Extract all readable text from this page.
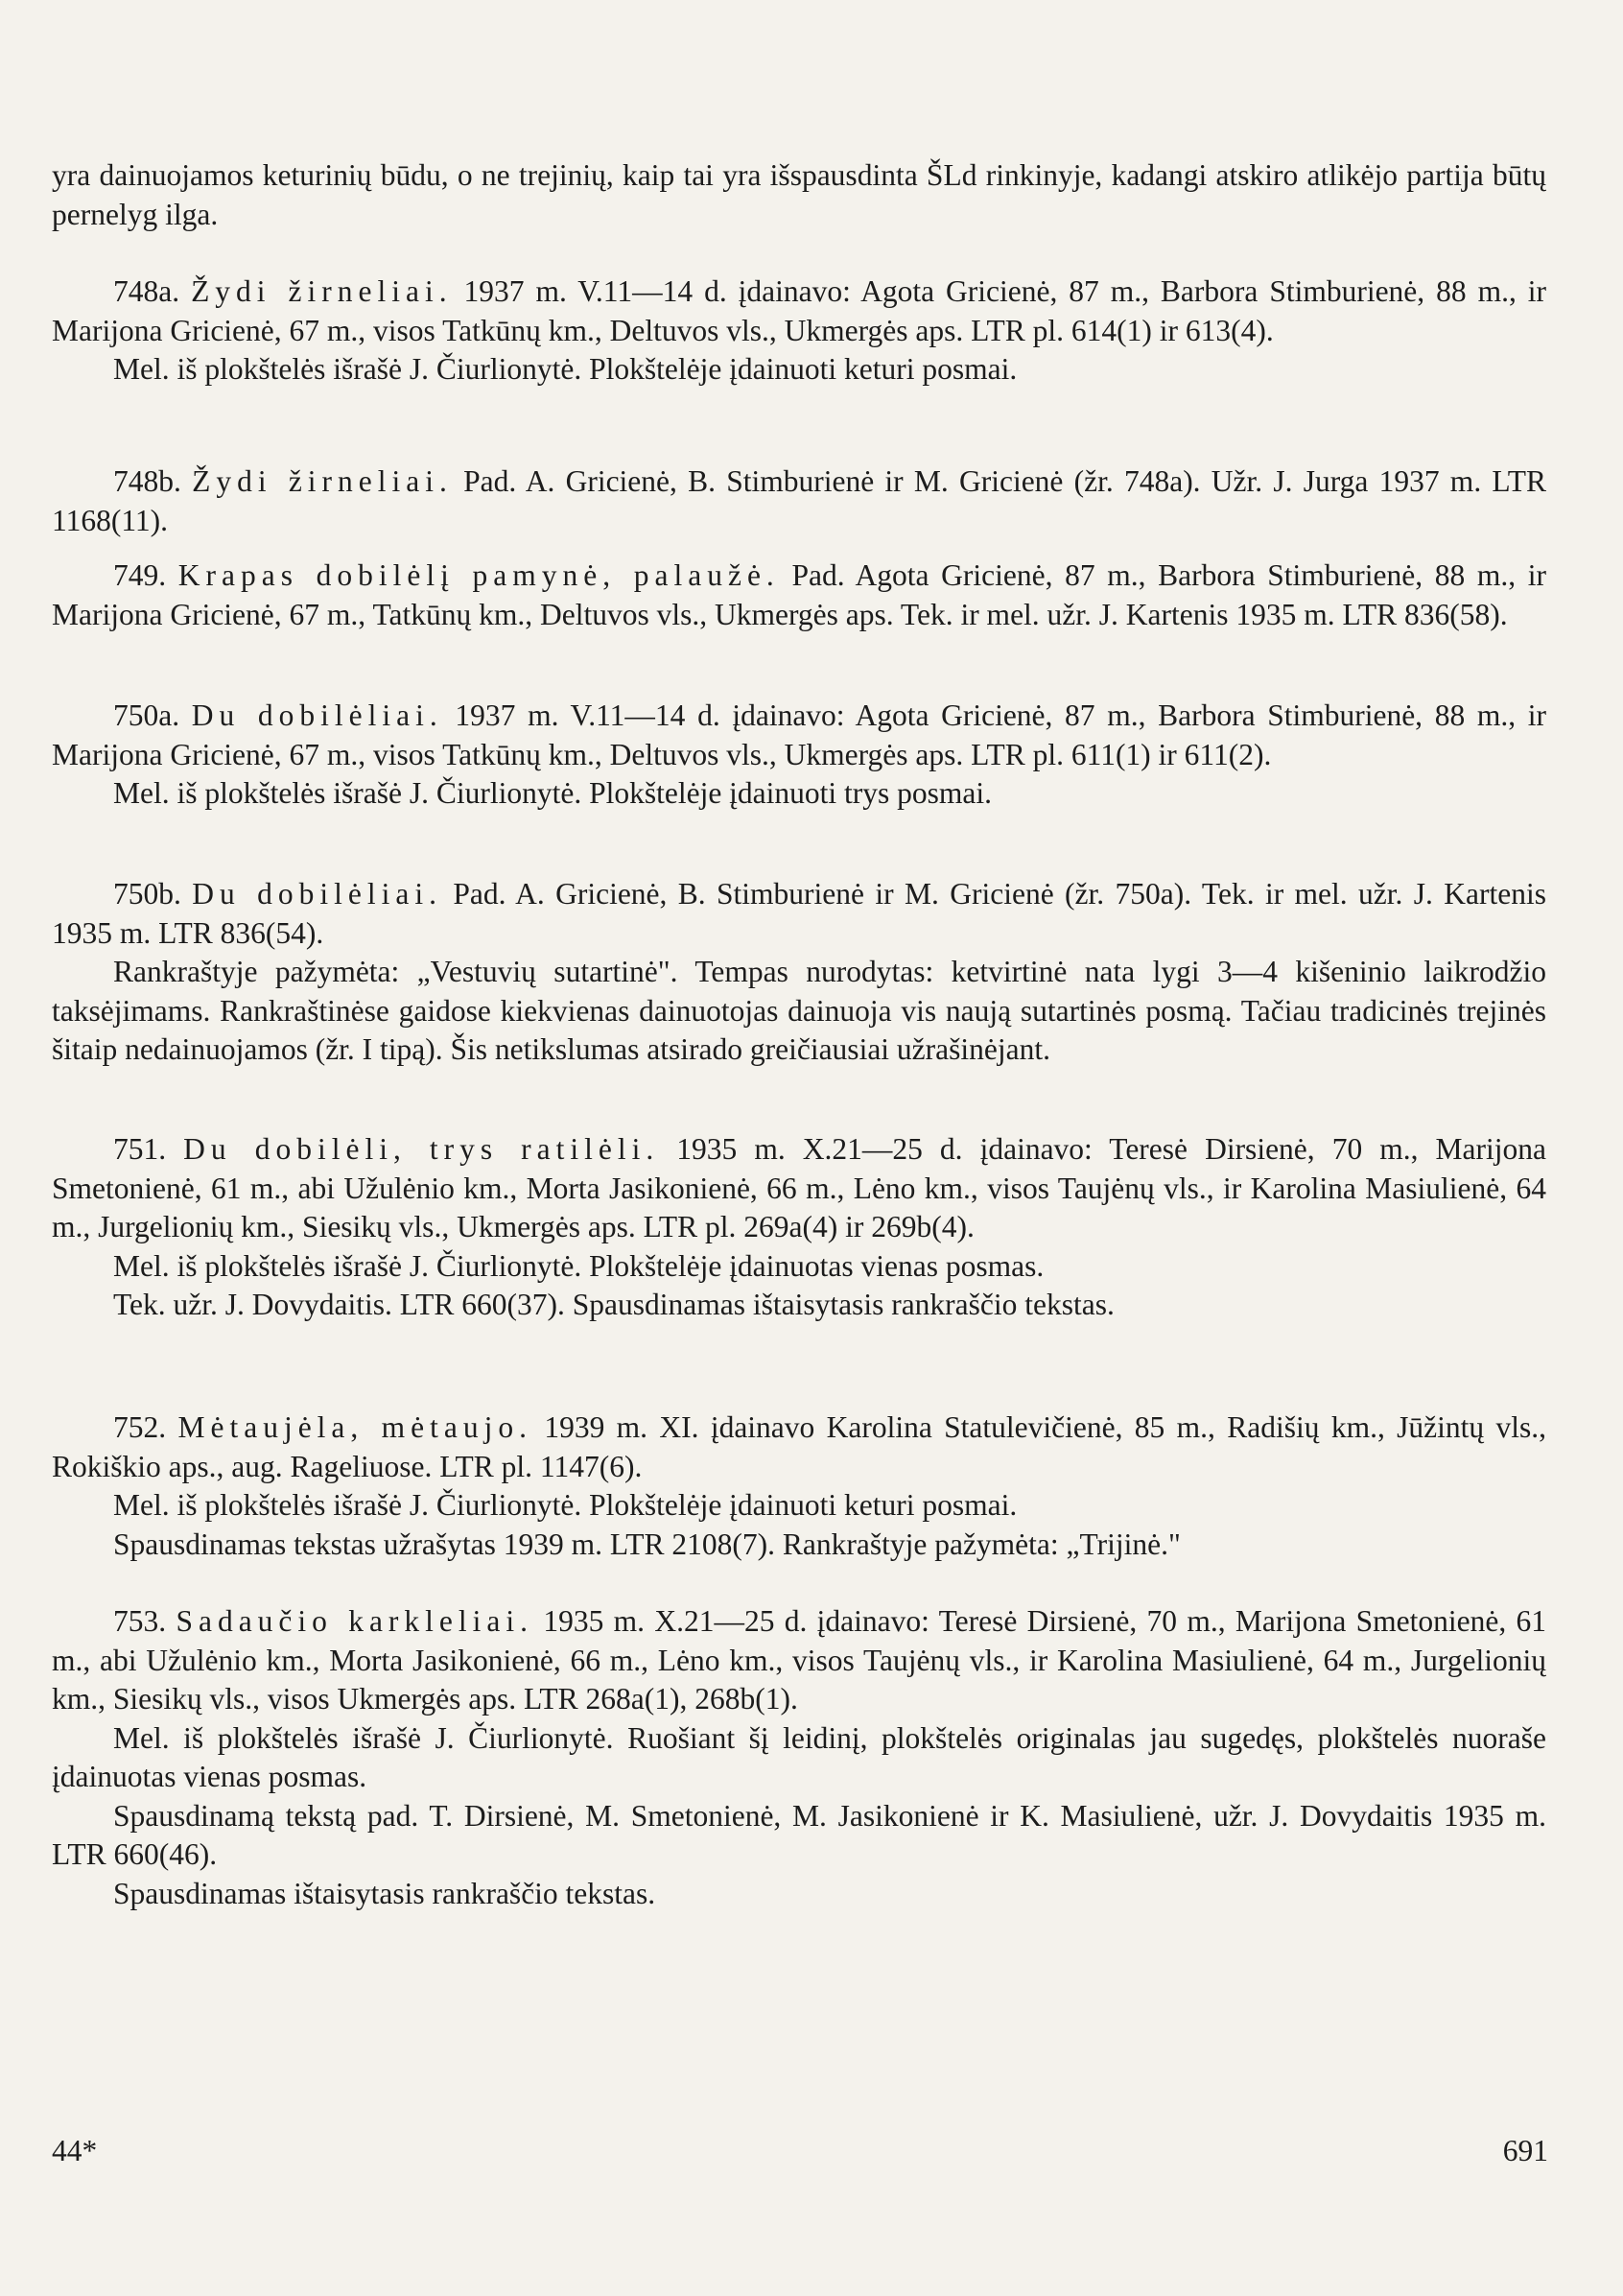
yra dainuojamos keturinių būdu, o ne trejinių, kaip tai yra išspausdinta ŠLd rinkinyje, kadangi atskiro atlikėjo partija būtų pernelyg ilga.

748a. Žydi žirneliai. 1937 m. V.11—14 d. įdainavo: Agota Gricienė, 87 m., Barbora Stimburienė, 88 m., ir Marijona Gricienė, 67 m., visos Tatkūnų km., Deltuvos vls., Ukmergės aps. LTR pl. 614(1) ir 613(4).

Mel. iš plokštelės išrašė J. Čiurlionytė. Plokštelėje įdainuoti keturi posmai.

748b. Žydi žirneliai. Pad. A. Gricienė, B. Stimburienė ir M. Gricienė (žr. 748a). Užr. J. Jurga 1937 m. LTR 1168(11).

749. Krapas dobilėlį pamynė, palaužė. Pad. Agota Gricienė, 87 m., Barbora Stimburienė, 88 m., ir Marijona Gricienė, 67 m., Tatkūnų km., Deltuvos vls., Ukmergės aps. Tek. ir mel. užr. J. Kartenis 1935 m. LTR 836(58).

750a. Du dobilėliai. 1937 m. V.11—14 d. įdainavo: Agota Gricienė, 87 m., Barbora Stimburienė, 88 m., ir Marijona Gricienė, 67 m., visos Tatkūnų km., Deltuvos vls., Ukmergės aps. LTR pl. 611(1) ir 611(2).

Mel. iš plokštelės išrašė J. Čiurlionytė. Plokštelėje įdainuoti trys posmai.

750b. Du dobilėliai. Pad. A. Gricienė, B. Stimburienė ir M. Gricienė (žr. 750a). Tek. ir mel. užr. J. Kartenis 1935 m. LTR 836(54).

Rankraštyje pažymėta: „Vestuvių sutartinė". Tempas nurodytas: ketvirtinė nata lygi 3—4 kišeninio laikrodžio taksėjimams. Rankraštinėse gaidose kiekvienas dainuotojas dainuoja vis naują sutartinės posmą. Tačiau tradicinės trejinės šitaip nedainuojamos (žr. I tipą). Šis netikslumas atsirado greičiausiai užrašinėjant.

751. Du dobilėli, trys ratilėli. 1935 m. X.21—25 d. įdainavo: Teresė Dirsienė, 70 m., Marijona Smetonienė, 61 m., abi Užulėnio km., Morta Jasikonienė, 66 m., Lėno km., visos Taujėnų vls., ir Karolina Masiulienė, 64 m., Jurgelionių km., Siesikų vls., Ukmergės aps. LTR pl. 269a(4) ir 269b(4).

Mel. iš plokštelės išrašė J. Čiurlionytė. Plokštelėje įdainuotas vienas posmas.

Tek. užr. J. Dovydaitis. LTR 660(37). Spausdinamas ištaisytasis rankraščio tekstas.

752. Mėtaujėla, mėtaujo. 1939 m. XI. įdainavo Karolina Statulevičienė, 85 m., Radišių km., Jūžintų vls., Rokiškio aps., aug. Rageliuose. LTR pl. 1147(6).

Mel. iš plokštelės išrašė J. Čiurlionytė. Plokštelėje įdainuoti keturi posmai.

Spausdinamas tekstas užrašytas 1939 m. LTR 2108(7). Rankraštyje pažymėta: „Trijinė."

753. Sadaučio karkleliai. 1935 m. X.21—25 d. įdainavo: Teresė Dirsienė, 70 m., Marijona Smetonienė, 61 m., abi Užulėnio km., Morta Jasikonienė, 66 m., Lėno km., visos Taujėnų vls., ir Karolina Masiulienė, 64 m., Jurgelionių km., Siesikų vls., visos Ukmergės aps. LTR 268a(1), 268b(1).

Mel. iš plokštelės išrašė J. Čiurlionytė. Ruošiant šį leidinį, plokštelės originalas jau sugedęs, plokštelės nuoraše įdainuotas vienas posmas.

Spausdinamą tekstą pad. T. Dirsienė, M. Smetonienė, M. Jasikonienė ir K. Masiulienė, užr. J. Dovydaitis 1935 m. LTR 660(46).

Spausdinamas ištaisytasis rankraščio tekstas.

44*	691
